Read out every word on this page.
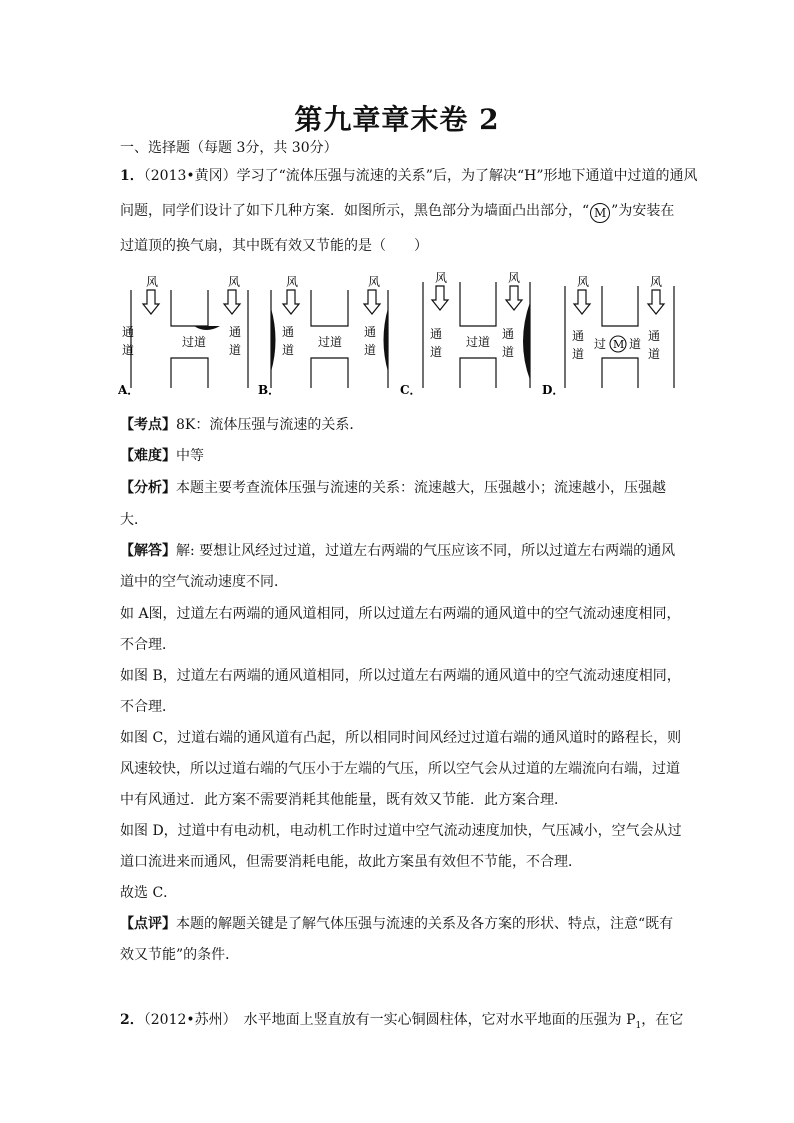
第九章章末卷 2
一、选择题（每题 3分，共 30分）
1．（2013•黄冈）学习了“流体压强与流速的关系”后，为了解决“H”形地下通道中过道的通风
问题，同学们设计了如下几种方案．如图所示，黑色部分为墙面凸出部分，“ M ”为安装在
过道顶的换气扇，其中既有效又节能的是（　　）
风	风
通
道
通
道
过道
A．
风	风
通
道
通
道
过道
B．
风	风
通
道
通
道
过道
C．
风	风
通
道
通
道
过 M 道
D．
【考点】8K：流体压强与流速的关系．
【难度】中等
【分析】本题主要考查流体压强与流速的关系：流速越大，压强越小；流速越小，压强越
大．
【解答】解: 要想让风经过过道，过道左右两端的气压应该不同，所以过道左右两端的通风
道中的空气流动速度不同．
如 A图，过道左右两端的通风道相同，所以过道左右两端的通风道中的空气流动速度相同，
不合理．
如图 B，过道左右两端的通风道相同，所以过道左右两端的通风道中的空气流动速度相同，
不合理．
如图 C，过道右端的通风道有凸起，所以相同时间风经过过道右端的通风道时的路程长，则
风速较快，所以过道右端的气压小于左端的气压，所以空气会从过道的左端流向右端，过道
中有风通过．此方案不需要消耗其他能量，既有效又节能．此方案合理．
如图 D，过道中有电动机，电动机工作时过道中空气流动速度加快，气压减小，空气会从过
道口流进来而通风，但需要消耗电能，故此方案虽有效但不节能，不合理．
故选 C．
【点评】本题的解题关键是了解气体压强与流速的关系及各方案的形状、特点，注意“既有
效又节能”的条件．
2．（2012•苏州）　水平地面上竖直放有一实心铜圆柱体，它对水平地面的压强为 $P_1$，在它
